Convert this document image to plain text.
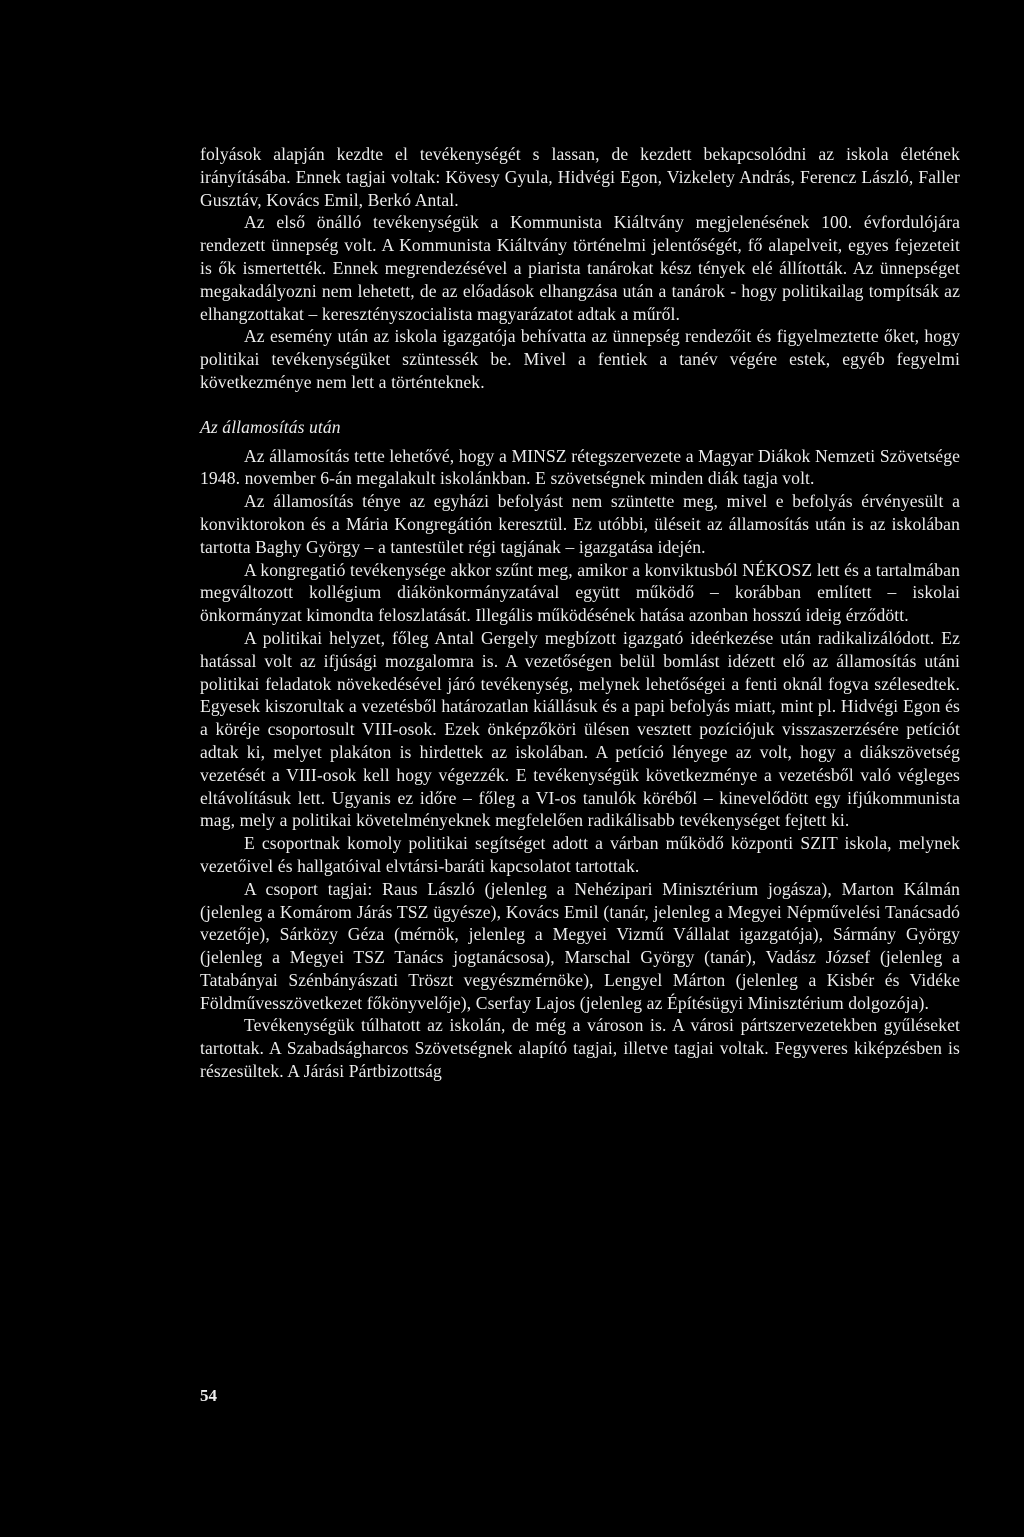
folyások alapján kezdte el tevékenységét s lassan, de kezdett bekapcsolódni az iskola életének irányításába. Ennek tagjai voltak: Kövesy Gyula, Hidvégi Egon, Vizkelety András, Ferencz László, Faller Gusztáv, Kovács Emil, Berkó Antal.

Az első önálló tevékenységük a Kommunista Kiáltvány megjelenésének 100. évfordulójára rendezett ünnepség volt. A Kommunista Kiáltvány történelmi jelentőségét, fő alapelveit, egyes fejezeteit is ők ismertették. Ennek megrendezésével a piarista tanárokat kész tények elé állították. Az ünnepséget megakadályozni nem lehetett, de az előadások elhangzása után a tanárok - hogy politikailag tompítsák az elhangzottakat – keresztényszocialista magyarázatot adtak a műről.

Az esemény után az iskola igazgatója behívatta az ünnepség rendezőit és figyelmeztette őket, hogy politikai tevékenységüket szüntessék be. Mivel a fentiek a tanév végére estek, egyéb fegyelmi következménye nem lett a történteknek.

Az államosítás után

Az államosítás tette lehetővé, hogy a MINSZ rétegszervezete a Magyar Diákok Nemzeti Szövetsége 1948. november 6-án megalakult iskolánkban. E szövetségnek minden diák tagja volt.

Az államosítás ténye az egyházi befolyást nem szüntette meg, mivel e befolyás érvényesült a konviktorokon és a Mária Kongregátión keresztül. Ez utóbbi, üléseit az államosítás után is az iskolában tartotta Baghy György – a tantestület régi tagjának – igazgatása idején.

A kongregatió tevékenysége akkor szűnt meg, amikor a konviktusból NÉKOSZ lett és a tartalmában megváltozott kollégium diákönkormányzatával együtt működő – korábban említett – iskolai önkormányzat kimondta feloszlatását. Illegális működésének hatása azonban hosszú ideig érződött.

A politikai helyzet, főleg Antal Gergely megbízott igazgató ideérkezése után radikalizálódott. Ez hatással volt az ifjúsági mozgalomra is. A vezetőségen belül bomlást idézett elő az államosítás utáni politikai feladatok növekedésével járó tevékenység, melynek lehetőségei a fenti oknál fogva szélesedtek. Egyesek kiszorultak a vezetésből határozatlan kiállásuk és a papi befolyás miatt, mint pl. Hidvégi Egon és a köréje csoportosult VIII-osok. Ezek önképzőköri ülésen vesztett pozíciójuk visszaszerzésére petíciót adtak ki, melyet plakáton is hirdettek az iskolában. A petíció lényege az volt, hogy a diákszövetség vezetését a VIII-osok kell hogy végezzék. E tevékenységük következménye a vezetésből való végleges eltávolításuk lett. Ugyanis ez időre – főleg a VI-os tanulók köréből – kinevelődött egy ifjúkommunista mag, mely a politikai követelményeknek megfelelően radikálisabb tevékenységet fejtett ki.

E csoportnak komoly politikai segítséget adott a várban működő központi SZIT iskola, melynek vezetőivel és hallgatóival elvtársi-baráti kapcsolatot tartottak.

A csoport tagjai: Raus László (jelenleg a Nehézipari Minisztérium jogásza), Marton Kálmán (jelenleg a Komárom Járás TSZ ügyésze), Kovács Emil (tanár, jelenleg a Megyei Népművelési Tanácsadó vezetője), Sárközy Géza (mérnök, jelenleg a Megyei Vizmű Vállalat igazgatója), Sármány György (jelenleg a Megyei TSZ Tanács jogtanácsosa), Marschal György (tanár), Vadász József (jelenleg a Tatabányai Szénbányászati Tröszt vegyészmérnöke), Lengyel Márton (jelenleg a Kisbér és Vidéke Földművesszövetkezet főkönyvelője), Cserfay Lajos (jelenleg az Építésügyi Minisztérium dolgozója).

Tevékenységük túlhatott az iskolán, de még a városon is. A városi pártszervezetekben gyűléseket tartottak. A Szabadságharcos Szövetségnek alapító tagjai, illetve tagjai voltak. Fegyveres kiképzésben is részesültek. A Járási Pártbizottság

54
